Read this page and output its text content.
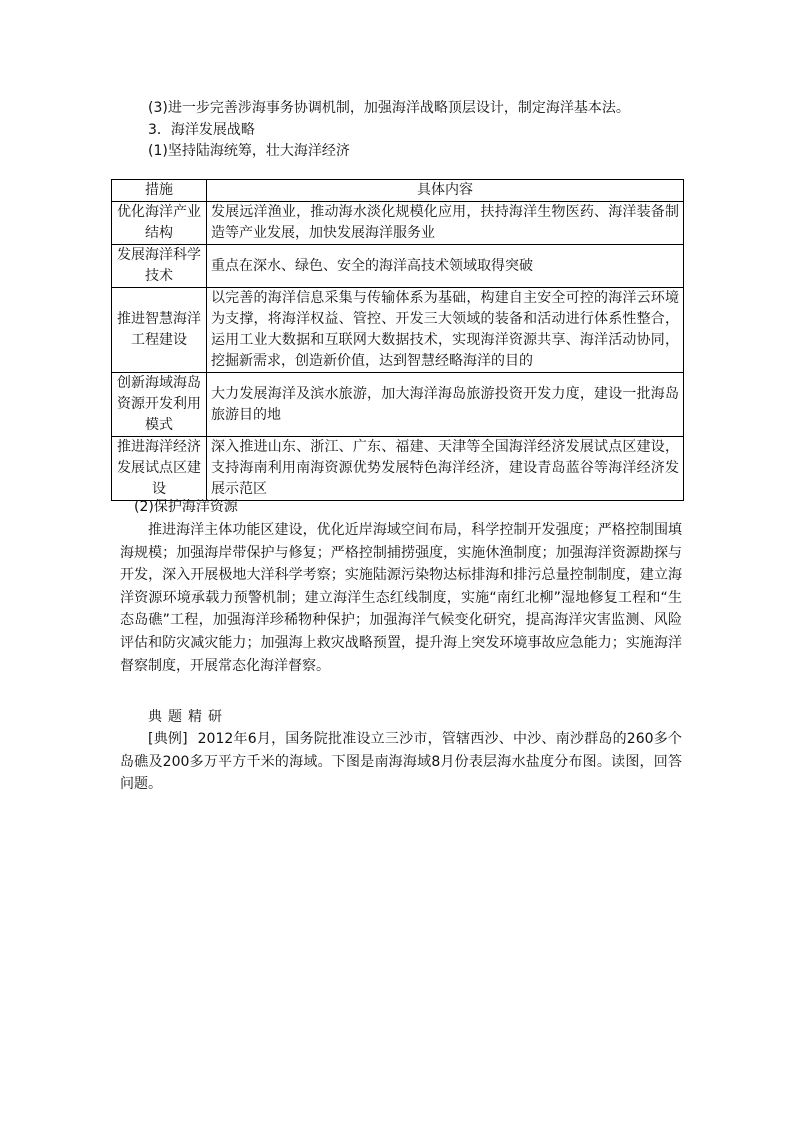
(3)进一步完善涉海事务协调机制，加强海洋战略顶层设计，制定海洋基本法。
3．海洋发展战略
(1)坚持陆海统筹，壮大海洋经济
措施	具体内容
优化海洋产业结构	发展远洋渔业，推动海水淡化规模化应用，扶持海洋生物医药、海洋装备制造等产业发展，加快发展海洋服务业
发展海洋科学技术	重点在深水、绿色、安全的海洋高技术领域取得突破
推进智慧海洋工程建设	以完善的海洋信息采集与传输体系为基础，构建自主安全可控的海洋云环境为支撑，将海洋权益、管控、开发三大领域的装备和活动进行体系性整合，运用工业大数据和互联网大数据技术，实现海洋资源共享、海洋活动协同，挖掘新需求，创造新价值，达到智慧经略海洋的目的
创新海域海岛资源开发利用模式	大力发展海洋及滨水旅游，加大海洋海岛旅游投资开发力度，建设一批海岛旅游目的地
推进海洋经济发展试点区建设	深入推进山东、浙江、广东、福建、天津等全国海洋经济发展试点区建设，支持海南利用南海资源优势发展特色海洋经济，建设青岛蓝谷等海洋经济发展示范区
(2)保护海洋资源
推进海洋主体功能区建设，优化近岸海域空间布局，科学控制开发强度；严格控制围填海规模；加强海岸带保护与修复；严格控制捕捞强度，实施休渔制度；加强海洋资源勘探与开发，深入开展极地大洋科学考察；实施陆源污染物达标排海和排污总量控制制度，建立海洋资源环境承载力预警机制；建立海洋生态红线制度，实施“南红北柳”湿地修复工程和“生态岛礁”工程，加强海洋珍稀物种保护；加强海洋气候变化研究，提高海洋灾害监测、风险评估和防灾减灾能力；加强海上救灾战略预置，提升海上突发环境事故应急能力；实施海洋督察制度，开展常态化海洋督察。
典题精研
[典例] 2012年6月，国务院批准设立三沙市，管辖西沙、中沙、南沙群岛的260多个岛礁及200多万平方千米的海域。下图是南海海域8月份表层海水盐度分布图。读图，回答问题。
